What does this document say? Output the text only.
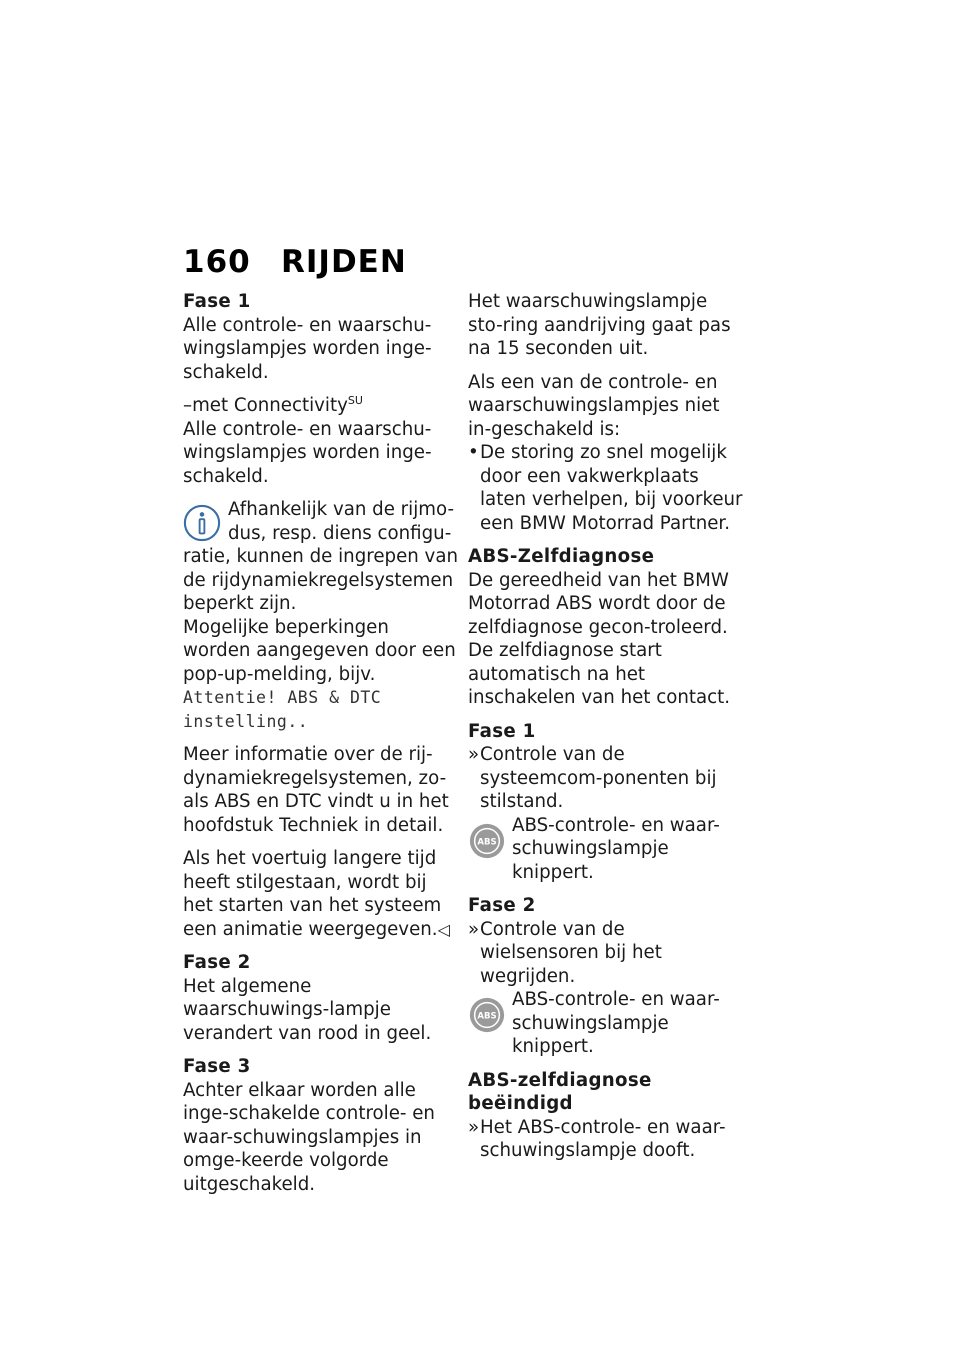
160 RIJDEN

Fase 1

Alle controle- en waarschu-wingslampjes worden inge-schakeld.

–met Connectivity$^{SU}$

Alle controle- en waarschu-wingslampjes worden inge-schakeld.

Afhankelijk van de rijmo-
dus, resp. diens configu-
ratie, kunnen de ingrepen van de rijdynamiekregelsystemen beperkt zijn.

Mogelijke beperkingen worden aangegeven door een pop-up-melding, bijv. Attentie! ABS & DTC instelling..

Meer informatie over de rij-dynamiekregelsystemen, zo-als ABS en DTC vindt u in het hoofdstuk Techniek in detail.

Als het voertuig langere tijd heeft stilgestaan, wordt bij het starten van het systeem een animatie weergegeven.◁

Fase 2

Het algemene waarschuwings-lampje verandert van rood in geel.

Fase 3

Achter elkaar worden alle inge-schakelde controle- en waar-schuwingslampjes in omge-keerde volgorde uitgeschakeld.

Het waarschuwingslampje sto-ring aandrijving gaat pas na 15 seconden uit.

Als een van de controle- en waarschuwingslampjes niet in-geschakeld is:

• De storing zo snel mogelijk door een vakwerkplaats laten verhelpen, bij voorkeur een BMW Motorrad Partner.

ABS-Zelfdiagnose

De gereedheid van het BMW Motorrad ABS wordt door de zelfdiagnose gecon-troleerd. De zelfdiagnose start automatisch na het inschakelen van het contact.

Fase 1

» Controle van de systeemcom-ponenten bij stilstand.
ABS
ABS-controle- en waar-schuwingslampje knippert.

Fase 2

» Controle van de wielsensoren bij het wegrijden.
ABS
ABS-controle- en waar-schuwingslampje knippert.

ABS-zelfdiagnose beëindigd

» Het ABS-controle- en waar-schuwingslampje dooft.
